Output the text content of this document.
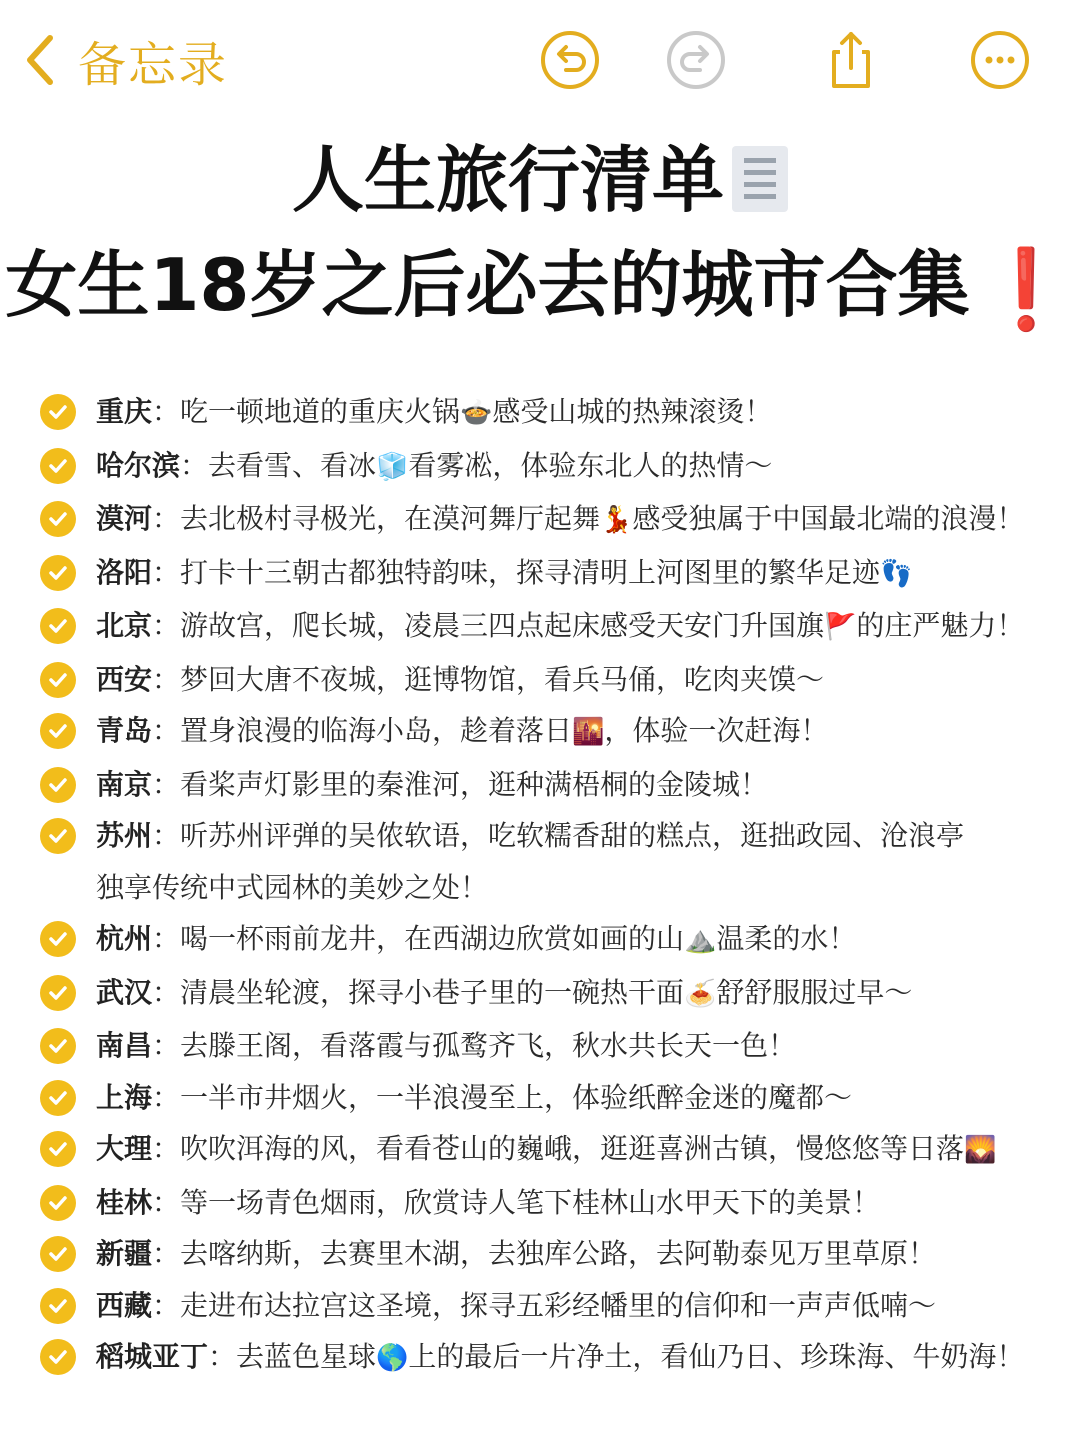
备忘录
人生旅行清单
女生18岁之后必去的城市合集 ❗
重庆：吃一顿地道的重庆火锅🍲感受山城的热辣滚烫！
哈尔滨：去看雪、看冰🧊看雾凇，体验东北人的热情～
漠河：去北极村寻极光，在漠河舞厅起舞💃感受独属于中国最北端的浪漫！
洛阳：打卡十三朝古都独特韵味，探寻清明上河图里的繁华足迹👣
北京：游故宫，爬长城，凌晨三四点起床感受天安门升国旗🚩的庄严魅力！
西安：梦回大唐不夜城，逛博物馆，看兵马俑，吃肉夹馍～
青岛：置身浪漫的临海小岛，趁着落日🌇，体验一次赶海！
南京：看桨声灯影里的秦淮河，逛种满梧桐的金陵城！
苏州：听苏州评弹的吴侬软语，吃软糯香甜的糕点，逛拙政园、沧浪亭
独享传统中式园林的美妙之处！
杭州：喝一杯雨前龙井，在西湖边欣赏如画的山⛰️温柔的水！
武汉：清晨坐轮渡，探寻小巷子里的一碗热干面🍝舒舒服服过早～
南昌：去滕王阁，看落霞与孤鹜齐飞，秋水共长天一色！
上海：一半市井烟火，一半浪漫至上，体验纸醉金迷的魔都～
大理：吹吹洱海的风，看看苍山的巍峨，逛逛喜洲古镇，慢悠悠等日落🌄
桂林：等一场青色烟雨，欣赏诗人笔下桂林山水甲天下的美景！
新疆：去喀纳斯，去赛里木湖，去独库公路，去阿勒泰见万里草原！
西藏：走进布达拉宫这圣境，探寻五彩经幡里的信仰和一声声低喃～
稻城亚丁：去蓝色星球🌎上的最后一片净土，看仙乃日、珍珠海、牛奶海！
